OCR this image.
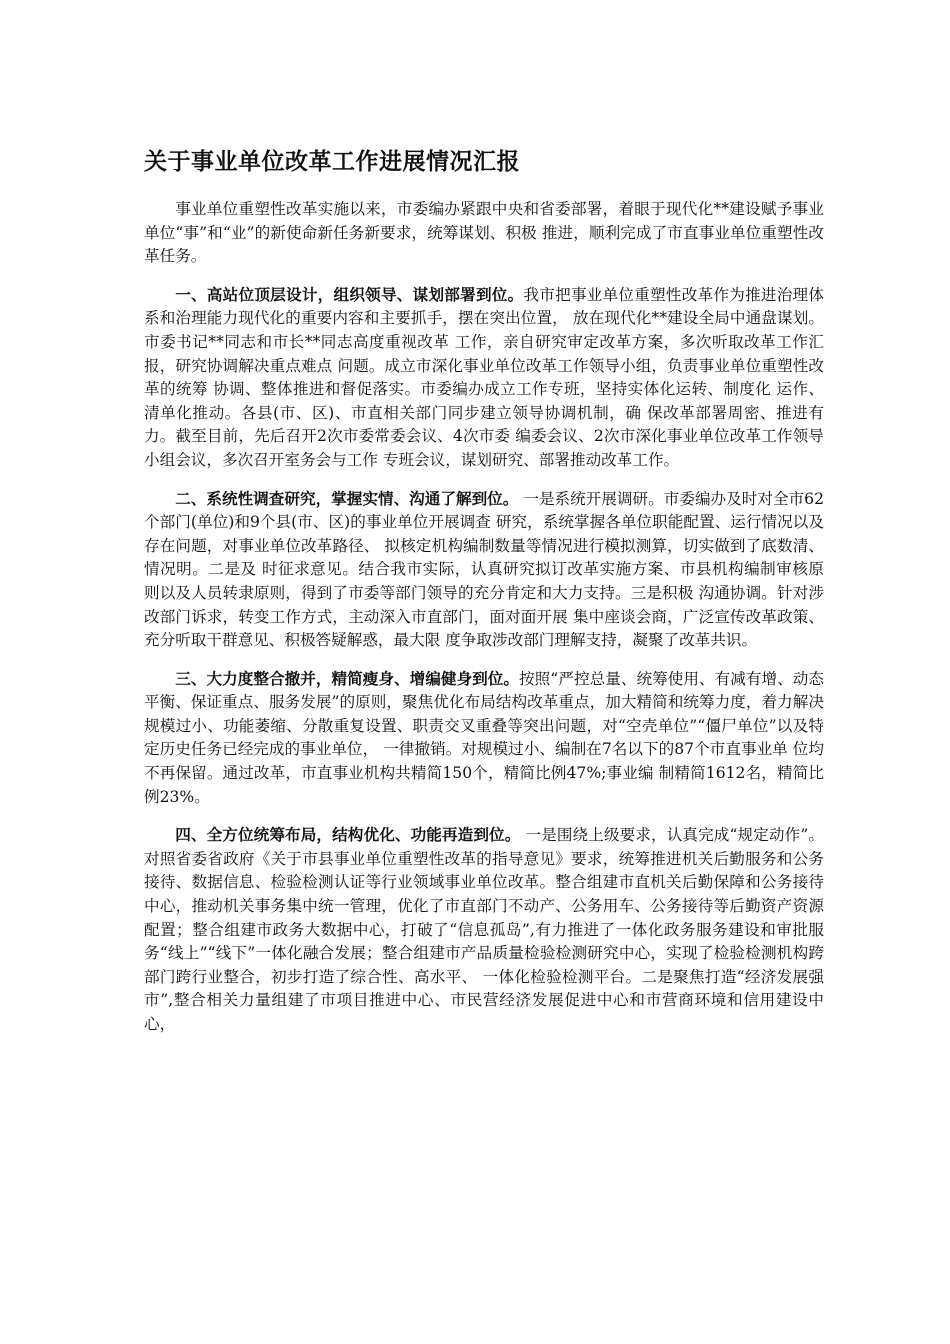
关于事业单位改革工作进展情况汇报

事业单位重塑性改革实施以来，市委编办紧跟中央和省委部署，着眼于现代化**建设赋予事业单位“事”和“业”的新使命新任务新要求，统筹谋划、积极 推进，顺利完成了市直事业单位重塑性改革任务。

一、高站位顶层设计，组织领导、谋划部署到位。我市把事业单位重塑性改革作为推进治理体系和治理能力现代化的重要内容和主要抓手，摆在突出位置， 放在现代化**建设全局中通盘谋划。市委书记**同志和市长**同志高度重视改革 工作，亲自研究审定改革方案，多次听取改革工作汇报，研究协调解决重点难点 问题。成立市深化事业单位改革工作领导小组，负责事业单位重塑性改革的统筹 协调、整体推进和督促落实。市委编办成立工作专班，坚持实体化运转、制度化 运作、清单化推动。各县(市、区)、市直相关部门同步建立领导协调机制，确 保改革部署周密、推进有力。截至目前，先后召开2次市委常委会议、4次市委 编委会议、2次市深化事业单位改革工作领导小组会议，多次召开室务会与工作 专班会议，谋划研究、部署推动改革工作。

二、系统性调查研究，掌握实情、沟通了解到位。 一是系统开展调研。市委编办及时对全市62个部门(单位)和9个县(市、区)的事业单位开展调查 研究，系统掌握各单位职能配置、运行情况以及存在问题，对事业单位改革路径、 拟核定机构编制数量等情况进行模拟测算，切实做到了底数清、情况明。二是及 时征求意见。结合我市实际，认真研究拟订改革实施方案、市县机构编制审核原 则以及人员转隶原则，得到了市委等部门领导的充分肯定和大力支持。三是积极 沟通协调。针对涉改部门诉求，转变工作方式，主动深入市直部门，面对面开展 集中座谈会商，广泛宣传改革政策、充分听取干群意见、积极答疑解惑，最大限 度争取涉改部门理解支持，凝聚了改革共识。

三、大力度整合撤并，精简瘦身、增编健身到位。按照“严控总量、统筹使用、有减有增、动态平衡、保证重点、服务发展”的原则，聚焦优化布局结构改革重点，加大精简和统筹力度，着力解决规模过小、功能萎缩、分散重复设置、职责交叉重叠等突出问题，对“空壳单位”“僵尸单位”以及特定历史任务已经完成的事业单位， 一律撤销。对规模过小、编制在7名以下的87个市直事业单 位均不再保留。通过改革，市直事业机构共精简150个，精简比例47%;事业编 制精简1612名，精简比例23%。

四、全方位统筹布局，结构优化、功能再造到位。 一是围绕上级要求，认真完成“规定动作”。对照省委省政府《关于市县事业单位重塑性改革的指导意见》要求，统筹推进机关后勤服务和公务接待、数据信息、检验检测认证等行业领域事业单位改革。整合组建市直机关后勤保障和公务接待中心，推动机关事务集中统一管理，优化了市直部门不动产、公务用车、公务接待等后勤资产资源配置；整合组建市政务大数据中心，打破了“信息孤岛”,有力推进了一体化政务服务建设和审批服务“线上”“线下”一体化融合发展；整合组建市产品质量检验检测研究中心，实现了检验检测机构跨部门跨行业整合，初步打造了综合性、高水平、 一体化检验检测平台。二是聚焦打造“经济发展强市”,整合相关力量组建了市项目推进中心、市民营经济发展促进中心和市营商环境和信用建设中心，
